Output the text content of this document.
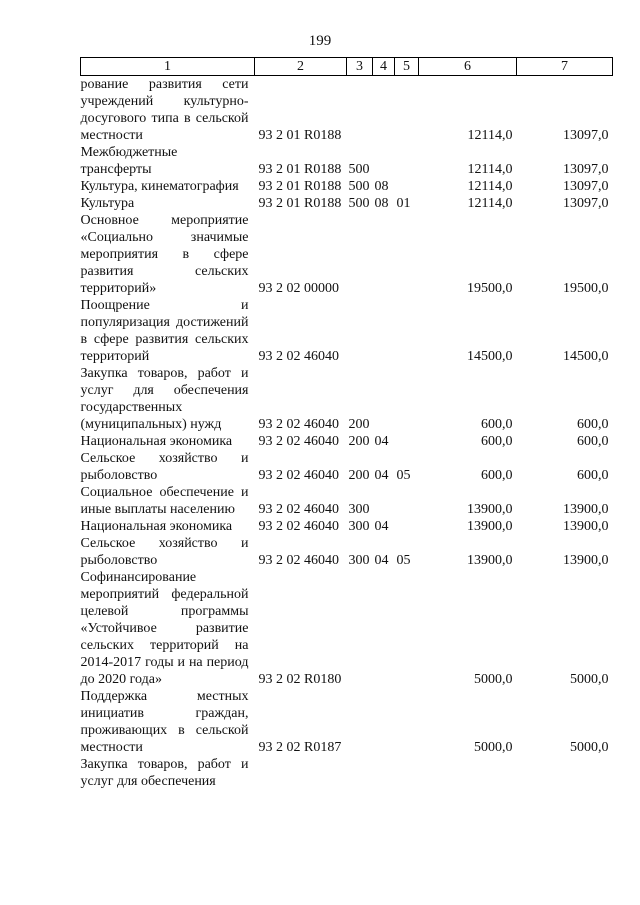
199
1	2	3	4	5	6	7
рование развития сети учреждений культурно-досугового типа в сельской местности	93 2 01 R0188				12114,0	13097,0
Межбюджетные трансферты	93 2 01 R0188	500			12114,0	13097,0
Культура, кинематография	93 2 01 R0188	500	08		12114,0	13097,0
Культура	93 2 01 R0188	500	08	01	12114,0	13097,0
Основное мероприятие «Социально значимые мероприятия в сфере развития сельских территорий»	93 2 02 00000				19500,0	19500,0
Поощрение и популяризация достижений в сфере развития сельских территорий	93 2 02 46040				14500,0	14500,0
Закупка товаров, работ и услуг для обеспечения государственных (муниципальных) нужд	93 2 02 46040	200			600,0	600,0
Национальная экономика	93 2 02 46040	200	04		600,0	600,0
Сельское хозяйство и рыболовство	93 2 02 46040	200	04	05	600,0	600,0
Социальное обеспечение и иные выплаты населению	93 2 02 46040	300			13900,0	13900,0
Национальная экономика	93 2 02 46040	300	04		13900,0	13900,0
Сельское хозяйство и рыболовство	93 2 02 46040	300	04	05	13900,0	13900,0
Софинансирование мероприятий федеральной целевой программы «Устойчивое развитие сельских территорий на 2014-2017 годы и на период до 2020 года»	93 2 02 R0180				5000,0	5000,0
Поддержка местных инициатив граждан, проживающих в сельской местности	93 2 02 R0187				5000,0	5000,0
Закупка товаров, работ и услуг для обеспечения						
